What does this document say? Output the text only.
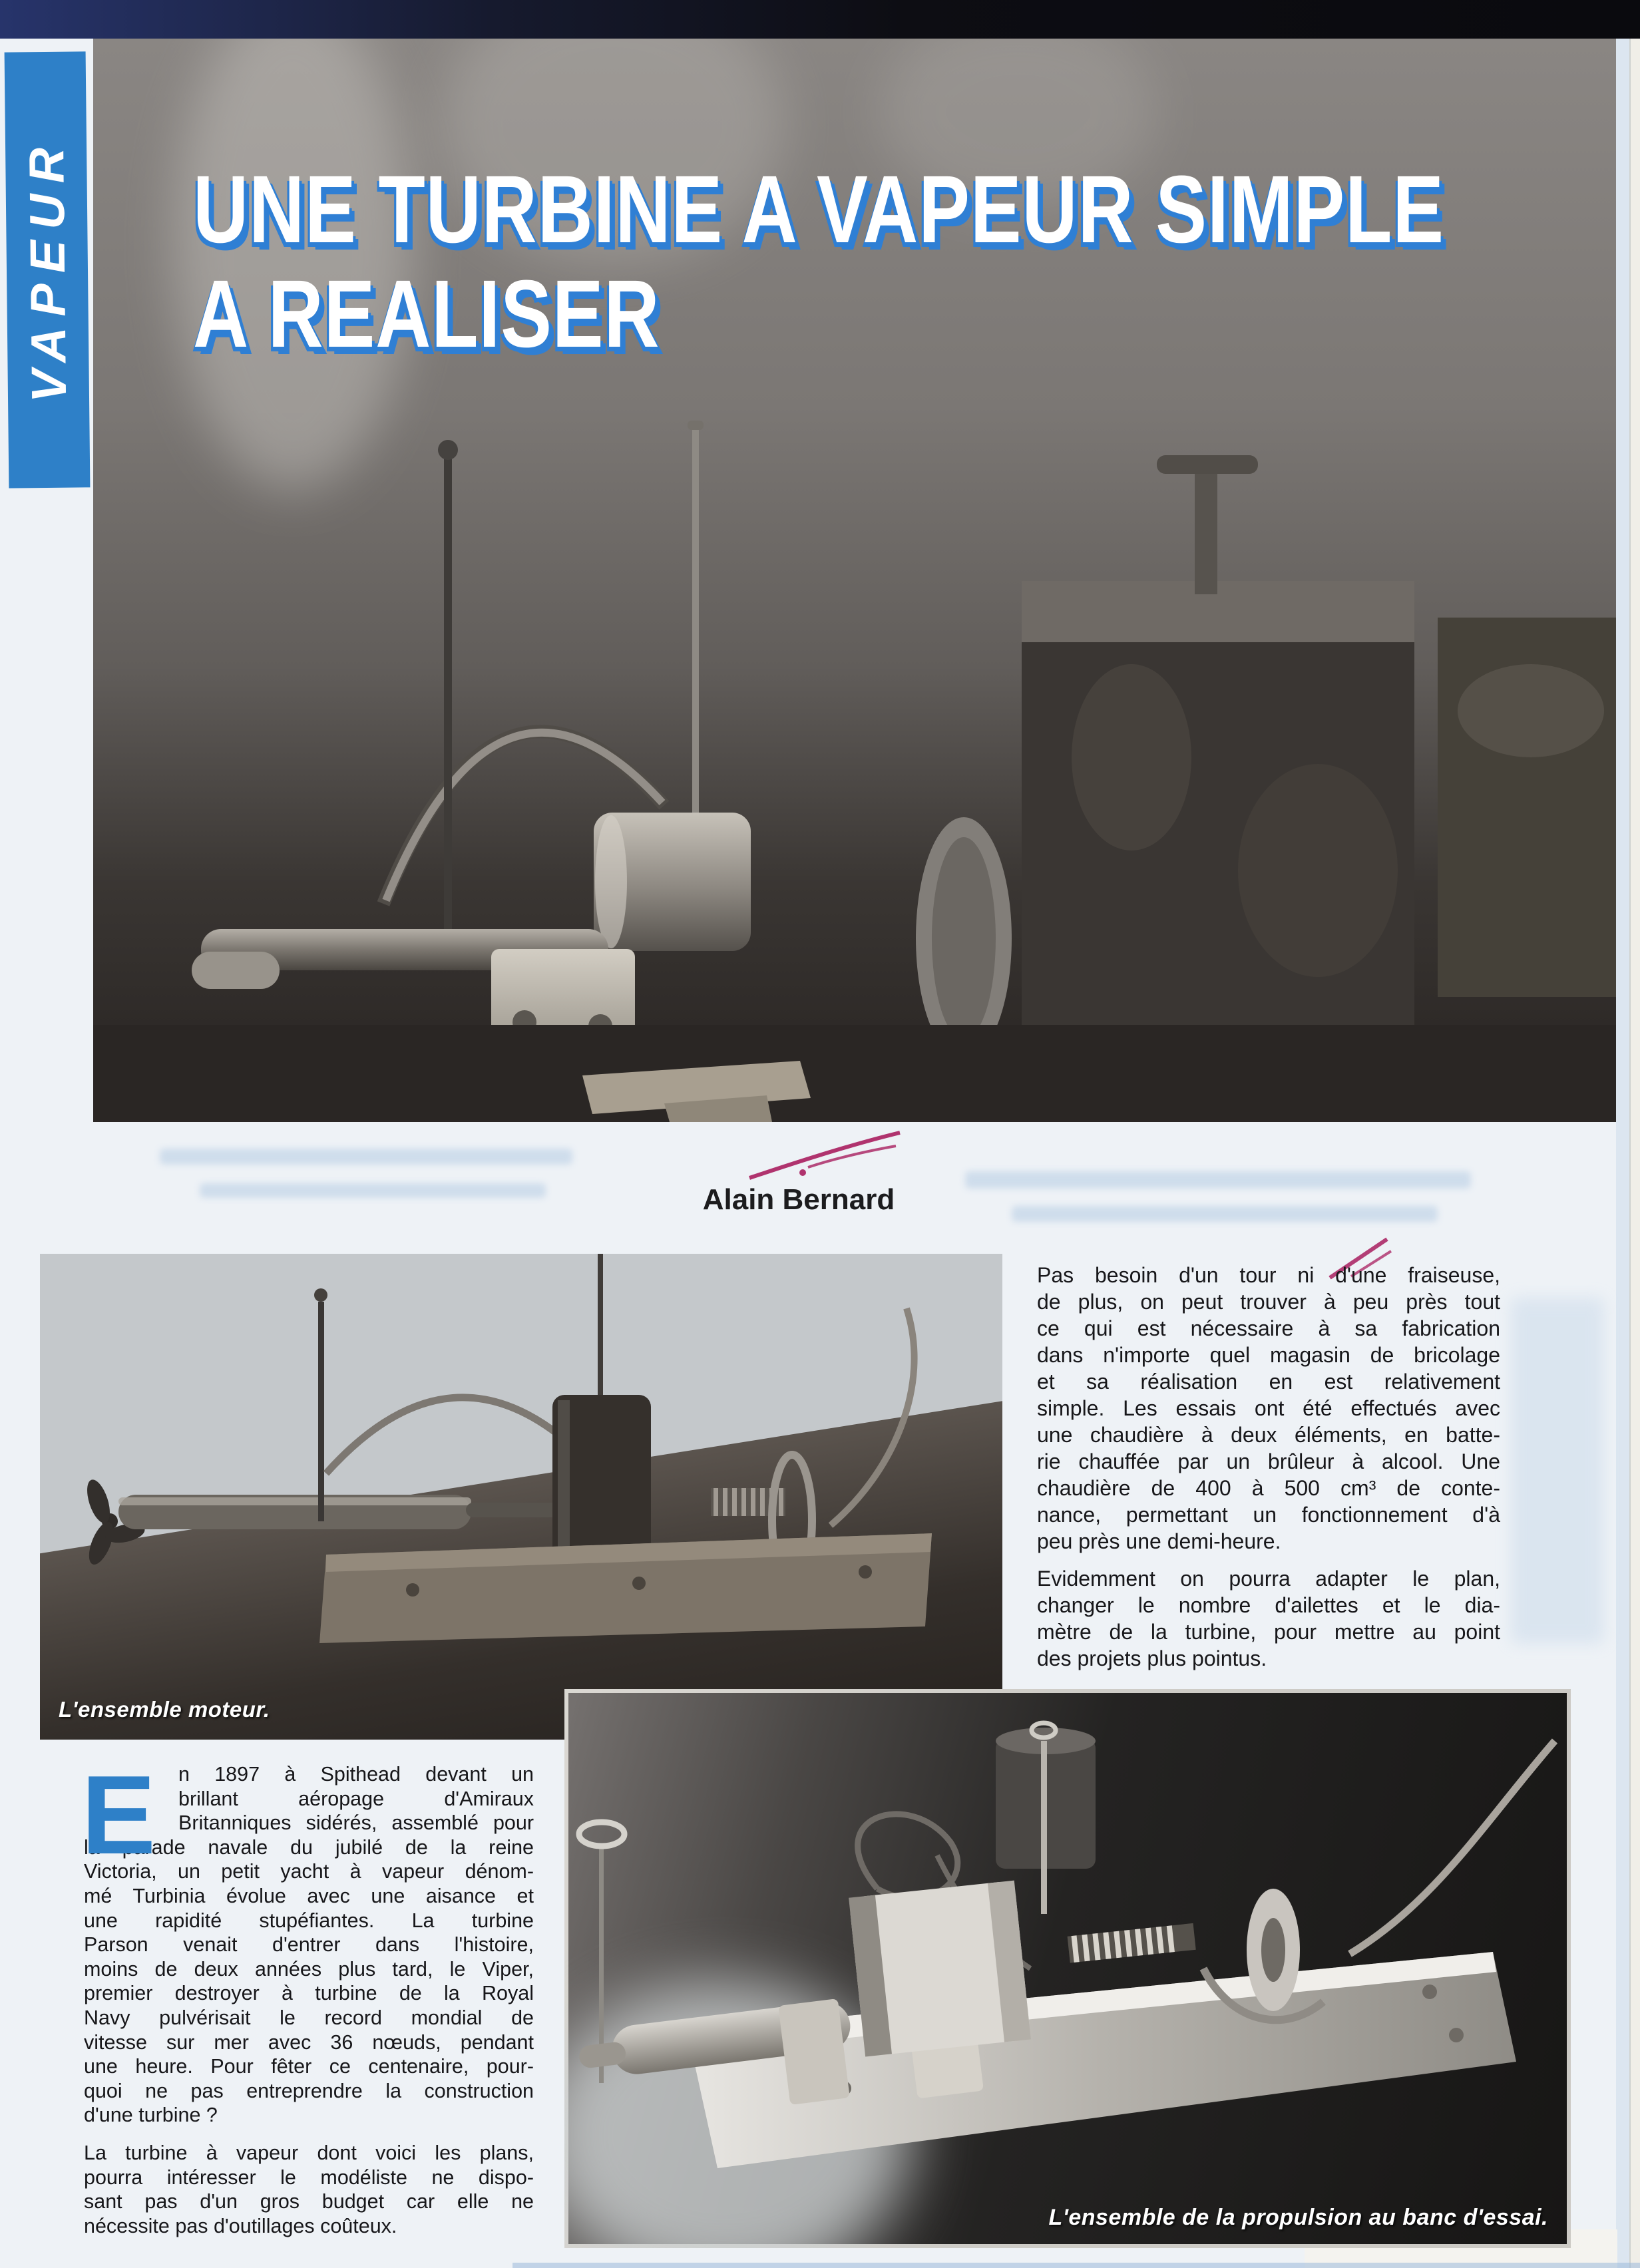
VAPEUR UNE TURBINE A VAPEUR SIMPLE
A REALISER
Alain Bernard
L'ensemble moteur.
Pas besoin d'un tour ni d'une fraiseuse,
de plus, on peut trouver à peu près tout
ce qui est nécessaire à sa fabrication
dans n'importe quel magasin de bricolage
et sa réalisation en est relativement
simple. Les essais ont été effectués avec
une chaudière à deux éléments, en batte-
rie chauffée par un brûleur à alcool. Une
chaudière de 400 à 500 cm³ de conte-
nance, permettant un fonctionnement d'à
peu près une demi-heure.
Evidemment on pourra adapter le plan,
changer le nombre d'ailettes et le dia-
mètre de la turbine, pour mettre au point
des projets plus pointus.
E	n 1897 à Spithead devant un
brillant aéropage d'Amiraux
Britanniques sidérés, assemblé pour
la parade navale du jubilé de la reine
Victoria, un petit yacht à vapeur dénom-
mé Turbinia évolue avec une aisance et
une rapidité stupéfiantes. La turbine
Parson venait d'entrer dans l'histoire,
moins de deux années plus tard, le Viper,
premier destroyer à turbine de la Royal
Navy pulvérisait le record mondial de
vitesse sur mer avec 36 nœuds, pendant
une heure. Pour fêter ce centenaire, pour-
quoi ne pas entreprendre la construction
d'une turbine ?
La turbine à vapeur dont voici les plans,
pourra intéresser le modéliste ne dispo-
sant pas d'un gros budget car elle ne
nécessite pas d'outillages coûteux.	L'ensemble de la propulsion au banc d'essai.
